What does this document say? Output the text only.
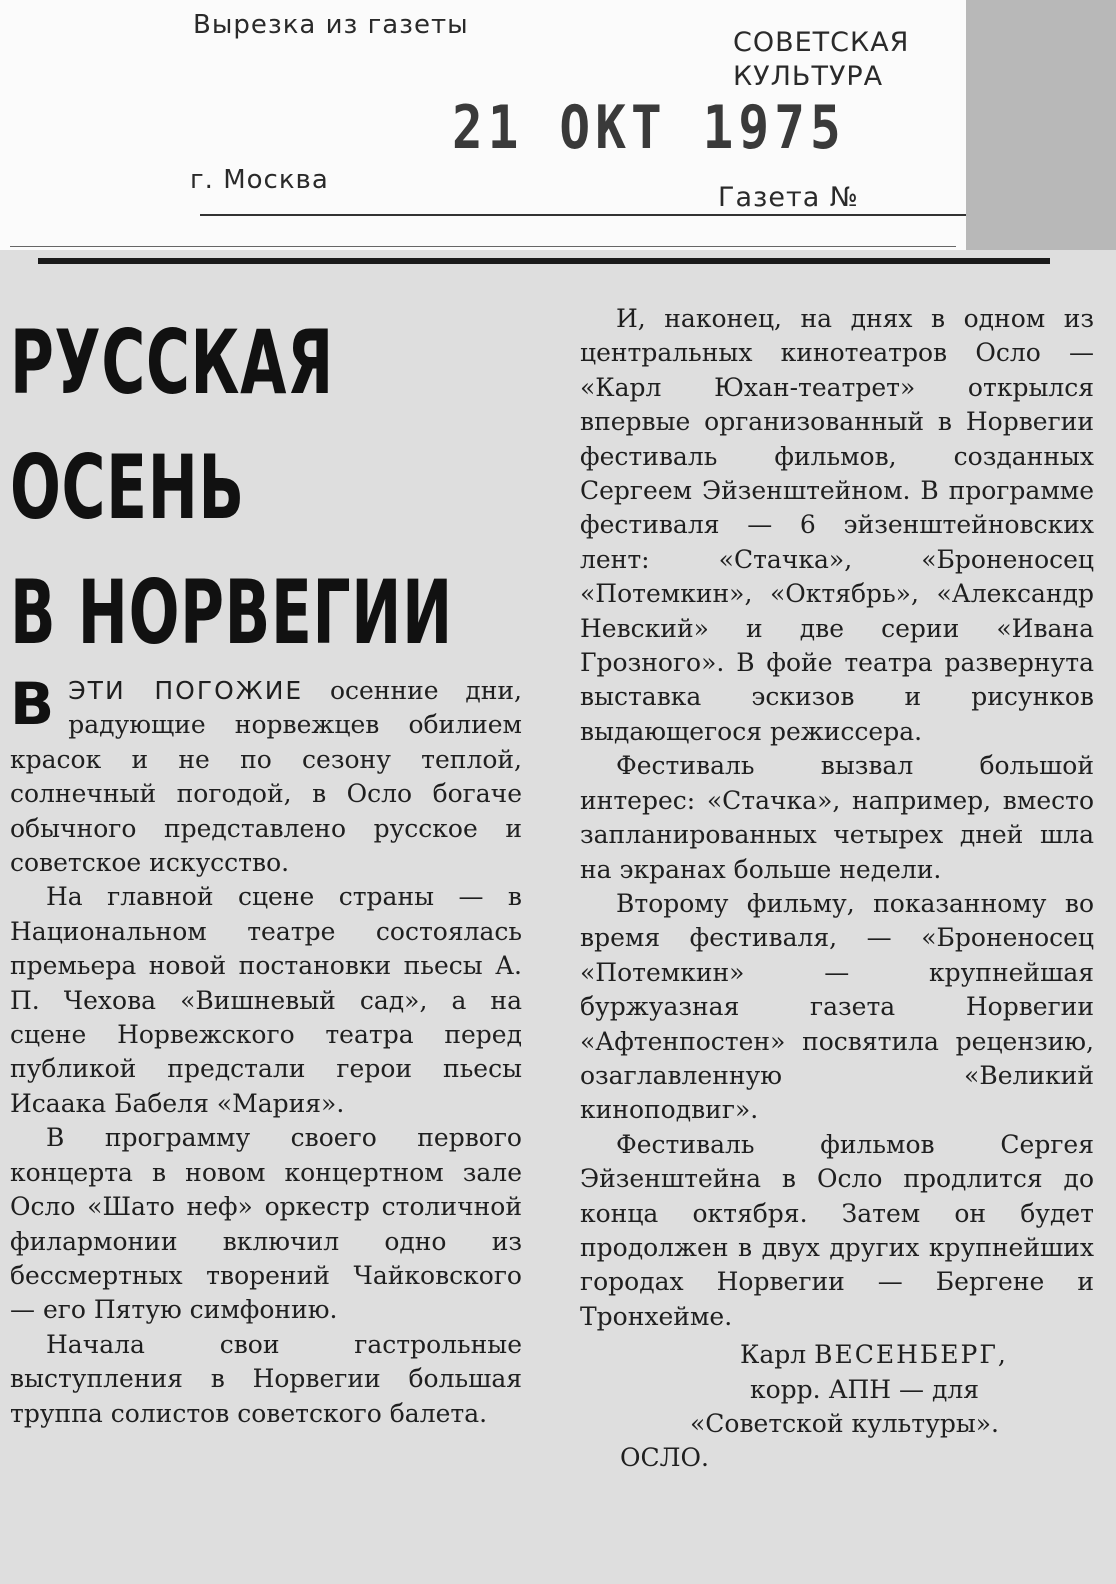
Вырезка из газеты
СОВЕТСКАЯ КУЛЬТУРА
21 ОКТ 1975
г. Москва
Газета №
РУССКАЯ
ОСЕНЬ
В НОРВЕГИИ

ВЭТИ ПОГОЖИЕ осенние дни, радующие норвежцев обилием красок и не по сезону теплой, солнечный погодой, в Осло богаче обычного представлено русское и советское искусство.

На главной сцене страны — в Национальном театре состоялась премьера новой постановки пьесы А. П. Чехова «Вишневый сад», а на сцене Норвежского театра перед публикой предстали герои пьесы Исаака Бабеля «Мария».

В программу своего первого концерта в новом концертном зале Осло «Шато неф» оркестр столичной филармонии включил одно из бессмертных творений Чайковского — его Пятую симфонию.

Начала свои гастрольные выступления в Норвегии большая труппа солистов советского балета.

И, наконец, на днях в одном из центральных кинотеатров Осло — «Карл Юхан-театрет» открылся впервые организованный в Норвегии фестиваль фильмов, созданных Сергеем Эйзенштейном. В программе фестиваля — 6 эйзенштейновских лент: «Стачка», «Броненосец «Потемкин», «Октябрь», «Александр Невский» и две серии «Ивана Грозного». В фойе театра развернута выставка эскизов и рисунков выдающегося режиссера.

Фестиваль вызвал большой интерес: «Стачка», например, вместо запланированных четырех дней шла на экранах больше недели.

Второму фильму, показанному во время фестиваля, — «Броненосец «Потемкин» — крупнейшая буржуазная газета Норвегии «Афтенпостен» посвятила рецензию, озаглавленную «Великий киноподвиг».

Фестиваль фильмов Сергея Эйзенштейна в Осло продлится до конца октября. Затем он будет продолжен в двух других крупнейших городах Норвегии — Бергене и Тронхейме.

Карл ВЕСЕНБЕРГ,
корр. АПН — для
«Советской культуры».
ОСЛО.
